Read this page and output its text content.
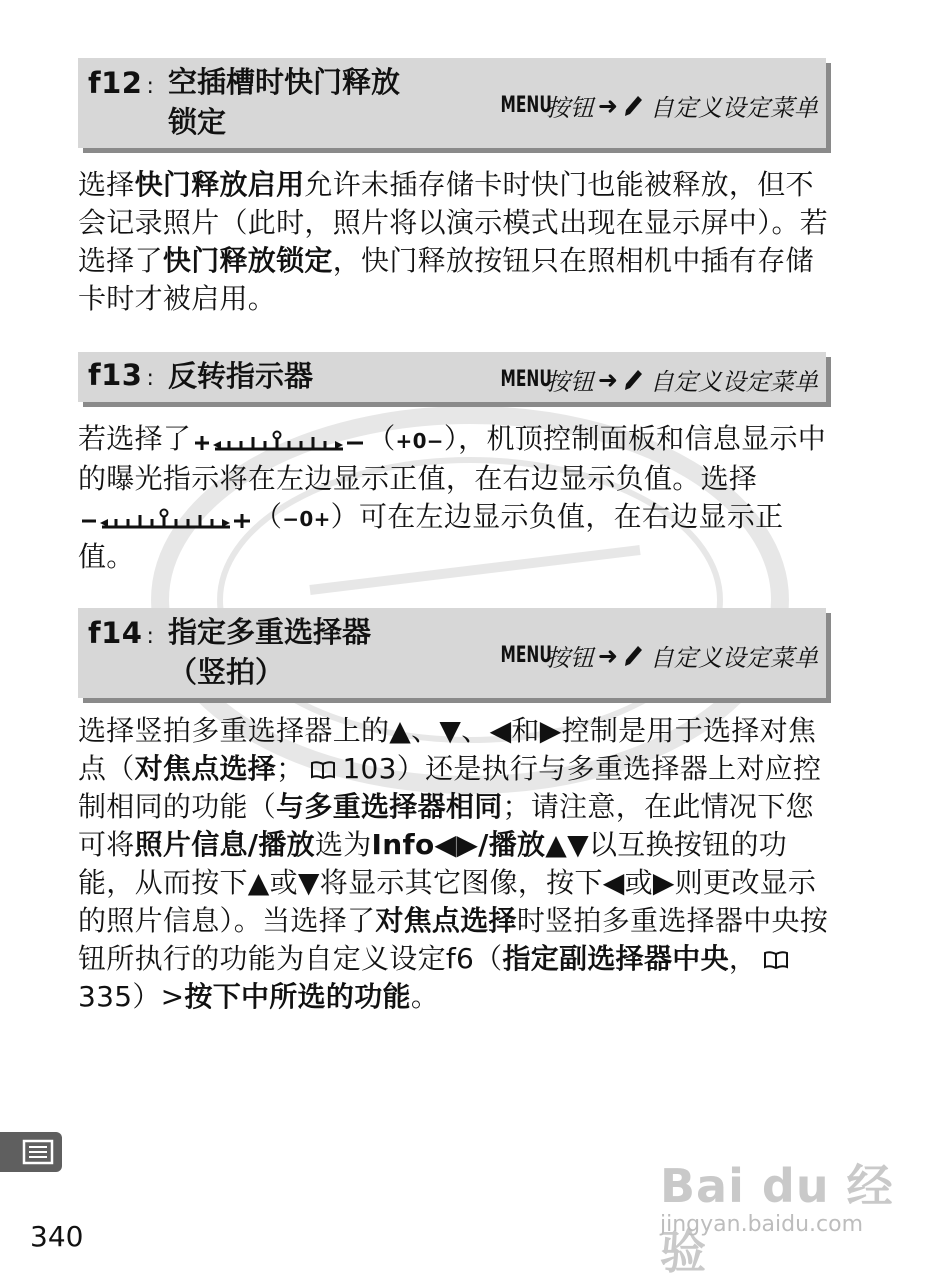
f12 : 空插槽时快门释放
锁定	MENU
按钮 ➜ 自定义设定菜单
选择快门释放启用允许未插存储卡时快门也能被释放，但不会记录照片（此时，照片将以演示模式出现在显示屏中）。若选择了快门释放锁定，快门释放按钮只在照相机中插有存储卡时才被启用。
f13 : 反转指示器	MENU
按钮 ➜ 自定义设定菜单
若选择了	（+0−），机顶控制面板和信息显示中的曝光指示将在左边显示正值，在右边显示负值。选择（−0+）可在左边显示负值，在右边显示正值。
f14 : 指定多重选择器
（竖拍）	MENU
按钮 ➜ 自定义设定菜单
选择竖拍多重选择器上的▲、▼、◀和▶控制是用于选择对焦点（对焦点选择； 103）还是执行与多重选择器上对应控制相同的功能（与多重选择器相同；请注意，在此情况下您可将照片信息/播放选为Info◀▶/播放▲▼以互换按钮的功能，从而按下▲或▼将显示其它图像，按下◀或▶则更改显示的照片信息）。当选择了对焦点选择时竖拍多重选择器中央按钮所执行的功能为自定义设定f6（指定副选择器中央，335）>按下中所选的功能。
340
Bai du 经验
jingyan.baidu.com
